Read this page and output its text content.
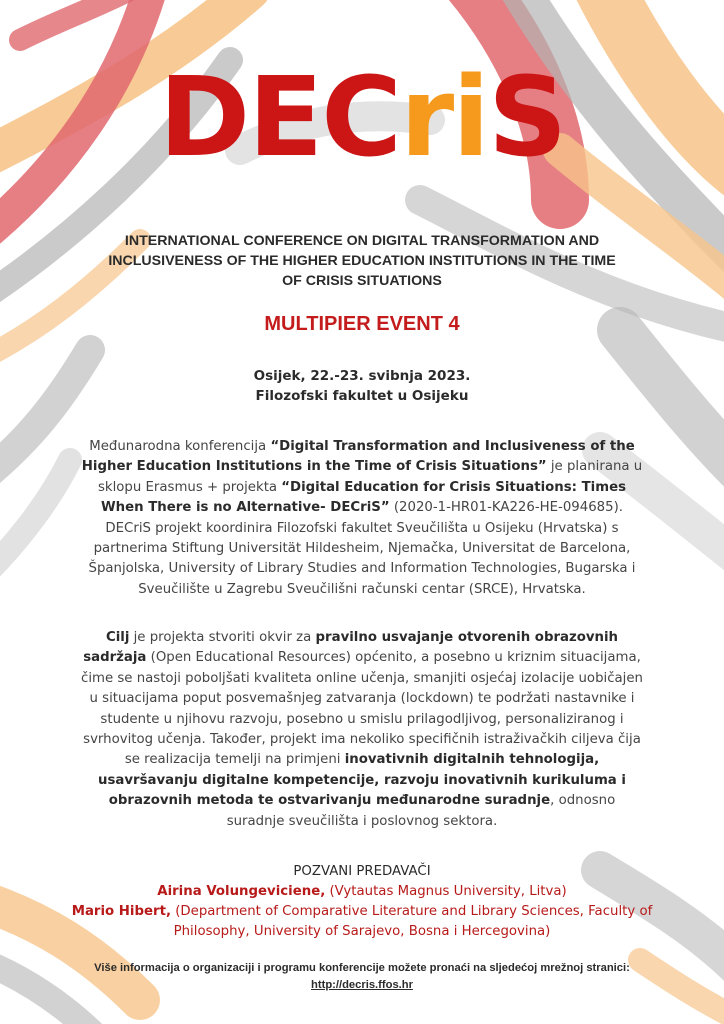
DECriS
INTERNATIONAL CONFERENCE ON DIGITAL TRANSFORMATION AND
INCLUSIVENESS OF THE HIGHER EDUCATION INSTITUTIONS IN THE TIME
OF CRISIS SITUATIONS
MULTIPIER EVENT 4
Osijek, 22.-23. svibnja 2023.
Filozofski fakultet u Osijeku
Međunarodna konferencija “Digital Transformation and Inclusiveness of the Higher Education Institutions in the Time of Crisis Situations” je planirana u sklopu Erasmus + projekta “Digital Education for Crisis Situations: Times When There is no Alternative- DECriS” (2020-1-HR01-KA226-HE-094685). DECriS projekt koordinira Filozofski fakultet Sveučilišta u Osijeku (Hrvatska) s partnerima Stiftung Universität Hildesheim, Njemačka, Universitat de Barcelona, Španjolska, University of Library Studies and Information Technologies, Bugarska i Sveučilište u Zagrebu Sveučilišni računski centar (SRCE), Hrvatska.
Cilj je projekta stvoriti okvir za pravilno usvajanje otvorenih obrazovnih sadržaja (Open Educational Resources) općenito, a posebno u kriznim situacijama, čime se nastoji poboljšati kvaliteta online učenja, smanjiti osjećaj izolacije uobičajen u situacijama poput posvemašnjeg zatvaranja (lockdown) te podržati nastavnike i studente u njihovu razvoju, posebno u smislu prilagodljivog, personaliziranog i svrhovitog učenja. Također, projekt ima nekoliko specifičnih istraživačkih ciljeva čija se realizacija temelji na primjeni inovativnih digitalnih tehnologija, usavršavanju digitalne kompetencije, razvoju inovativnih kurikuluma i obrazovnih metoda te ostvarivanju međunarodne suradnje, odnosno suradnje sveučilišta i poslovnog sektora.
POZVANI PREDAVAČI
Airina Volungeviciene, (Vytautas Magnus University, Litva)
Mario Hibert, (Department of Comparative Literature and Library Sciences, Faculty of Philosophy, University of Sarajevo, Bosna i Hercegovina)
Više informacija o organizaciji i programu konferencije možete pronaći na sljedećoj mrežnoj stranici:
http://decris.ffos.hr
